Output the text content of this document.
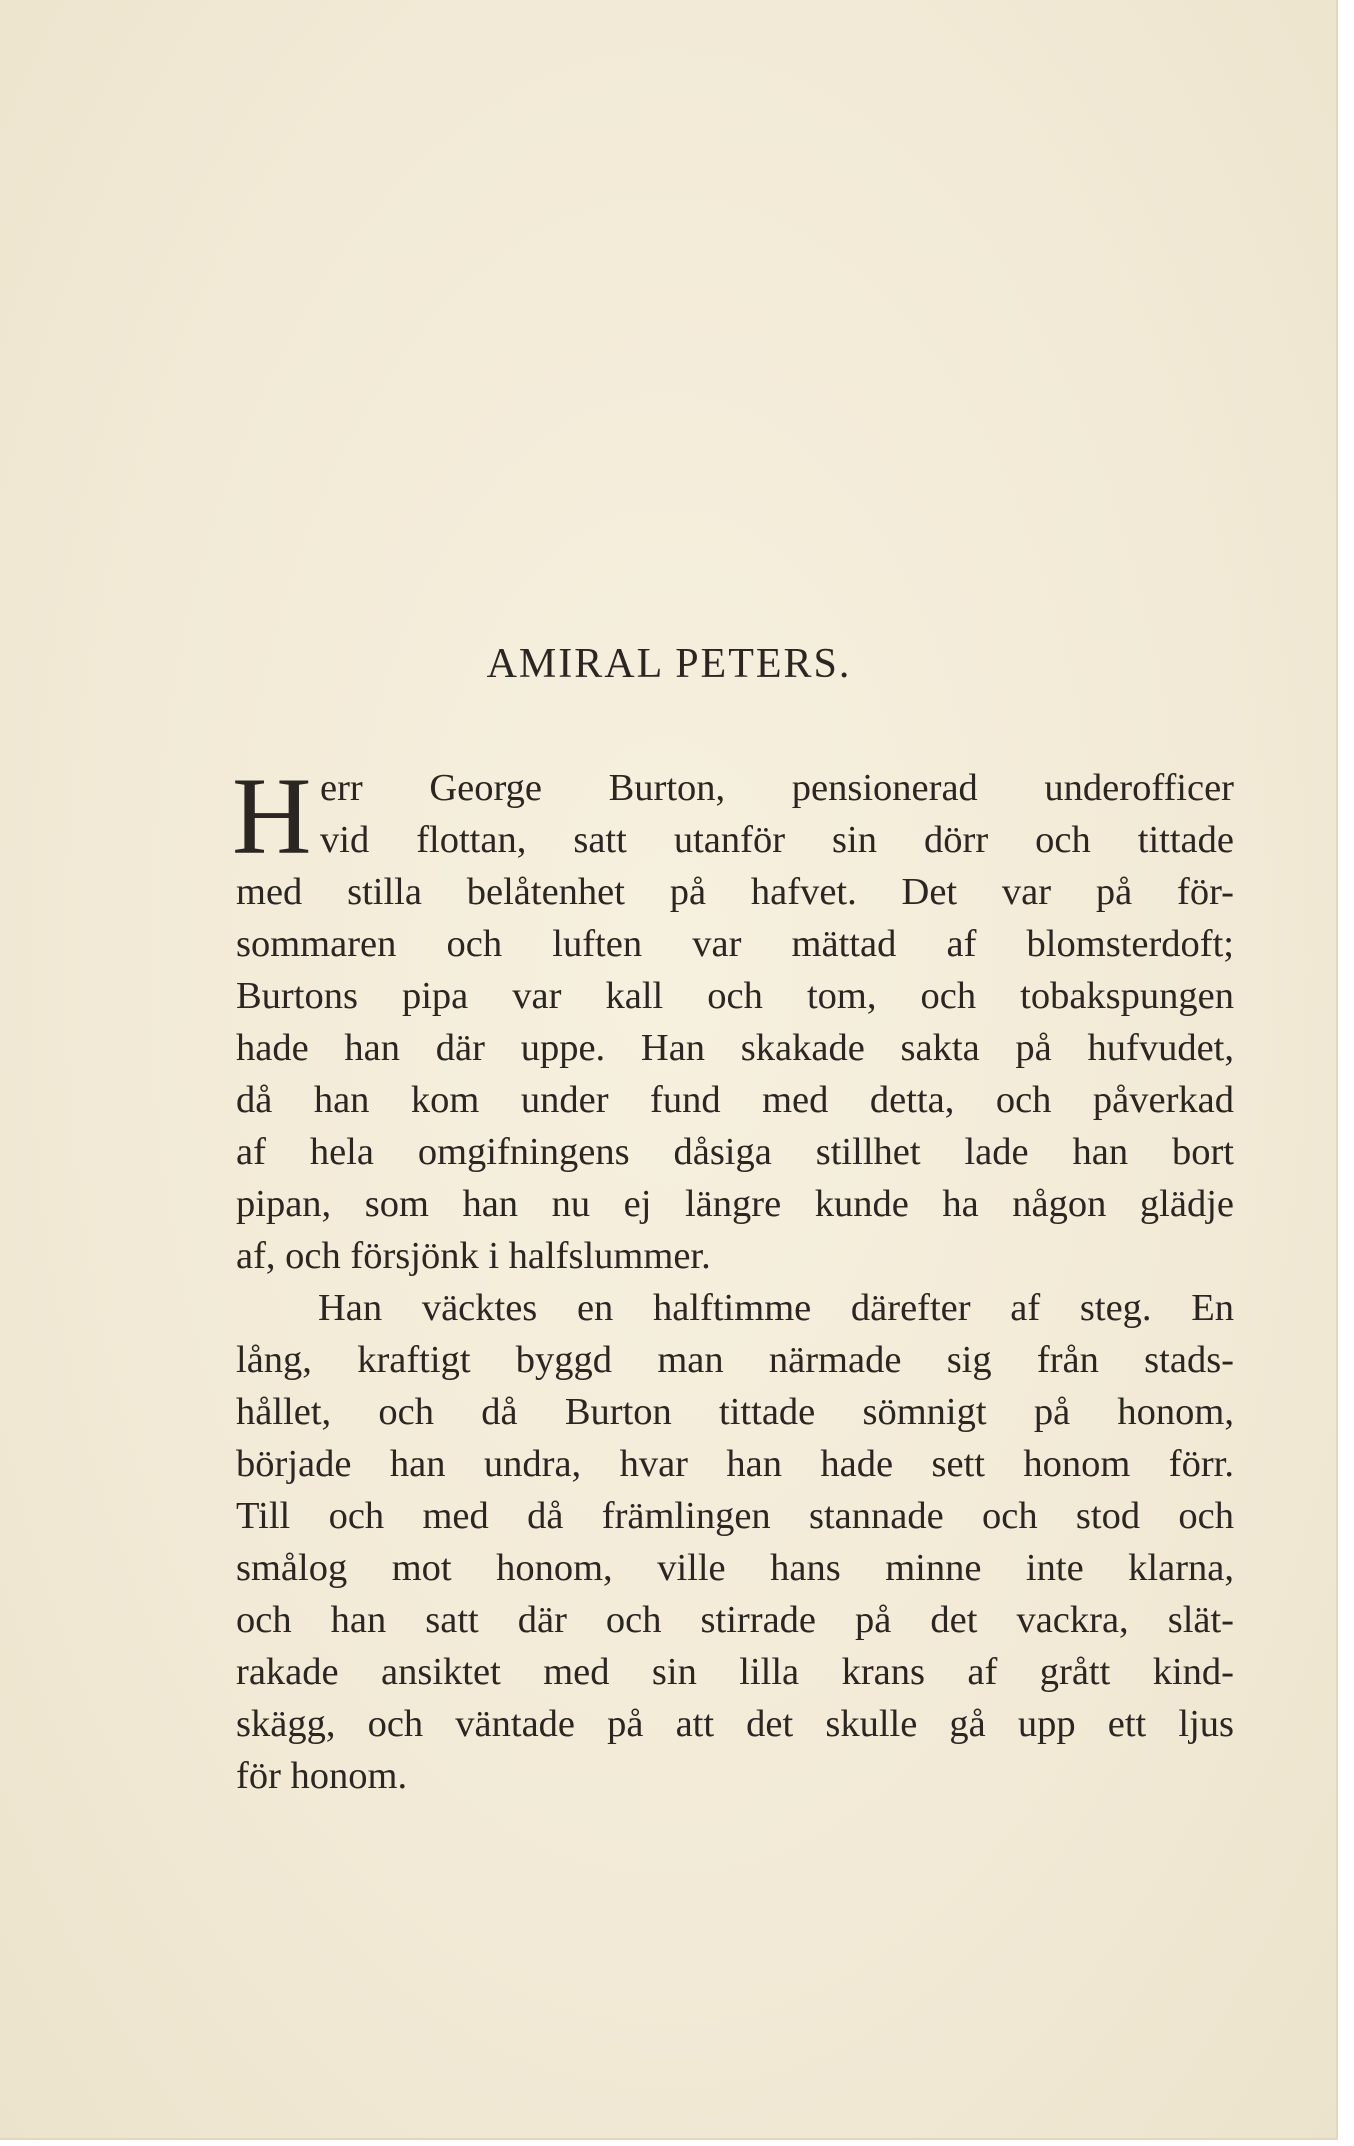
AMIRAL PETERS.
H err George Burton, pensionerad underofficer
vid flottan, satt utanför sin dörr och tittade
med stilla belåtenhet på hafvet. Det var på för-
sommaren och luften var mättad af blomsterdoft;
Burtons pipa var kall och tom, och tobakspungen
hade han där uppe. Han skakade sakta på hufvudet,
då han kom under fund med detta, och påverkad
af hela omgifningens dåsiga stillhet lade han bort
pipan, som han nu ej längre kunde ha någon glädje
af, och försjönk i halfslummer.
Han väcktes en halftimme därefter af steg. En
lång, kraftigt byggd man närmade sig från stads-
hållet, och då Burton tittade sömnigt på honom,
började han undra, hvar han hade sett honom förr.
Till och med då främlingen stannade och stod och
smålog mot honom, ville hans minne inte klarna,
och han satt där och stirrade på det vackra, slät-
rakade ansiktet med sin lilla krans af grått kind-
skägg, och väntade på att det skulle gå upp ett ljus
för honom.
